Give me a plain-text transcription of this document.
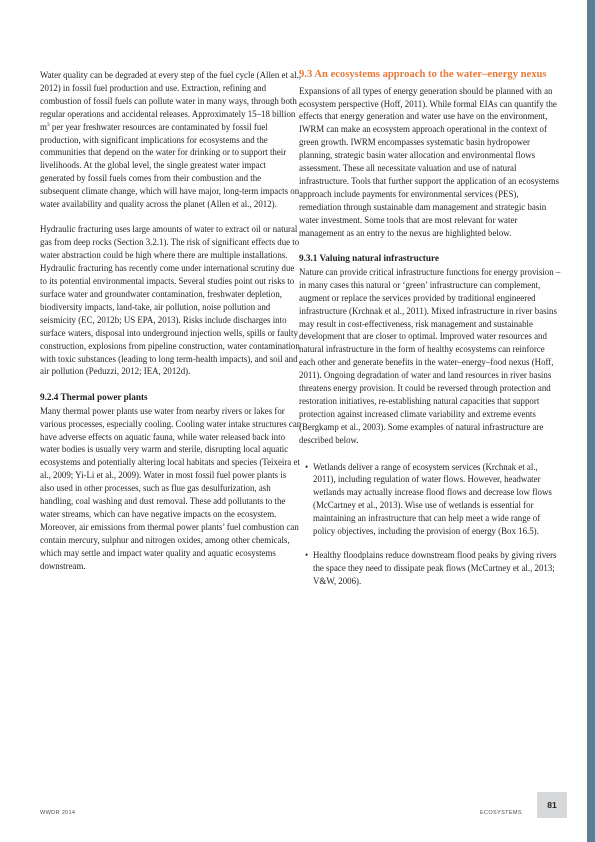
Water quality can be degraded at every step of the fuel cycle (Allen et al., 2012) in fossil fuel production and use. Extraction, refining and combustion of fossil fuels can pollute water in many ways, through both regular operations and accidental releases. Approximately 15–18 billion $m^3$ per year freshwater resources are contaminated by fossil fuel production, with significant implications for ecosystems and the communities that depend on the water for drinking or to support their livelihoods. At the global level, the single greatest water impact generated by fossil fuels comes from their combustion and the subsequent climate change, which will have major, long-term impacts on water availability and quality across the planet (Allen et al., 2012).

Hydraulic fracturing uses large amounts of water to extract oil or natural gas from deep rocks (Section 3.2.1). The risk of significant effects due to water abstraction could be high where there are multiple installations. Hydraulic fracturing has recently come under international scrutiny due to its potential environmental impacts. Several studies point out risks to surface water and groundwater contamination, freshwater depletion, biodiversity impacts, land-take, air pollution, noise pollution and seismicity (EC, 2012b; US EPA, 2013). Risks include discharges into surface waters, disposal into underground injection wells, spills or faulty construction, explosions from pipeline construction, water contamination with toxic substances (leading to long term-health impacts), and soil and air pollution (Peduzzi, 2012; IEA, 2012d).

9.2.4 Thermal power plants

Many thermal power plants use water from nearby rivers or lakes for various processes, especially cooling. Cooling water intake structures can have adverse effects on aquatic fauna, while water released back into water bodies is usually very warm and sterile, disrupting local aquatic ecosystems and potentially altering local habitats and species (Teixeira et al., 2009; Yi-Li et al., 2009). Water in most fossil fuel power plants is also used in other processes, such as flue gas desulfurization, ash handling, coal washing and dust removal. These add pollutants to the water streams, which can have negative impacts on the ecosystem. Moreover, air emissions from thermal power plants’ fuel combustion can contain mercury, sulphur and nitrogen oxides, among other chemicals, which may settle and impact water quality and aquatic ecosystems downstream.

9.3 An ecosystems approach to the water–energy nexus

Expansions of all types of energy generation should be planned with an ecosystem perspective (Hoff, 2011). While formal EIAs can quantify the effects that energy generation and water use have on the environment, IWRM can make an ecosystem approach operational in the context of green growth. IWRM encompasses systematic basin hydropower planning, strategic basin water allocation and environmental flows assessment. These all necessitate valuation and use of natural infrastructure. Tools that further support the application of an ecosystems approach include payments for environmental services (PES), remediation through sustainable dam management and strategic basin water investment. Some tools that are most relevant for water management as an entry to the nexus are highlighted below.

9.3.1 Valuing natural infrastructure

Nature can provide critical infrastructure functions for energy provision – in many cases this natural or ‘green’ infrastructure can complement, augment or replace the services provided by traditional engineered infrastructure (Krchnak et al., 2011). Mixed infrastructure in river basins may result in cost-effectiveness, risk management and sustainable development that are closer to optimal. Improved water resources and natural infrastructure in the form of healthy ecosystems can reinforce each other and generate benefits in the water–energy–food nexus (Hoff, 2011). Ongoing degradation of water and land resources in river basins threatens energy provision. It could be reversed through protection and restoration initiatives, re-establishing natural capacities that support protection against increased climate variability and extreme events (Bergkamp et al., 2003). Some examples of natural infrastructure are described below.

• Wetlands deliver a range of ecosystem services (Krchnak et al., 2011), including regulation of water flows. However, headwater wetlands may actually increase flood flows and decrease low flows (McCartney et al., 2013). Wise use of wetlands is essential for maintaining an infrastructure that can help meet a wide range of policy objectives, including the provision of energy (Box 16.5).
• Healthy floodplains reduce downstream flood peaks by giving rivers the space they need to dissipate peak flows (McCartney et al., 2013; V&W, 2006).
WWDR 2014	ECOSYSTEMS
81
